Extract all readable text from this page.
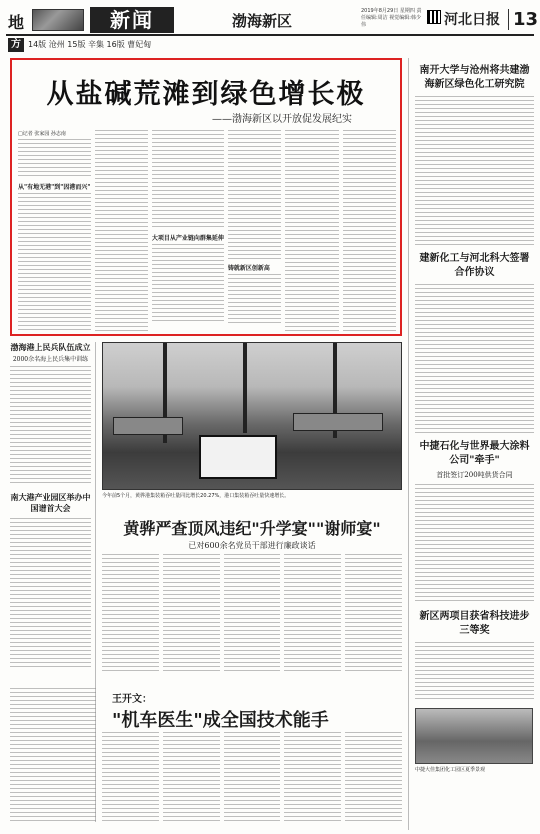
地	新闻	渤海新区
2019年8月29日 星期四 责任编辑:周洁 视觉编辑:韩少伟	河北日报 13
方 14版 沧州 15版 辛集 16版 曹妃甸
从盐碱荒滩到绿色增长极
——渤海新区以开放促发展纪实
□记者 张家园 孙志南
从"有地无港"到"因港而兴"
大项目从产业链向群集延伸
铸就新区创新高
南开大学与沧州将共建渤海新区绿色化工研究院
建新化工与河北科大签署合作协议
中捷石化与世界最大涂料公司"牵手"
首批签订200吨供货合同
新区两项目获省科技进步三等奖
中捷大佳集团化工园区夏季景观
渤海港上民兵队伍成立
2000余名海上民兵集中训练
南大港产业园区举办中国谱首大会
今年前5个月，黄骅港集装箱吞吐量同比增长20.27%，港口集装箱吞吐量快速增长。
黄骅严查顶风违纪"升学宴""谢师宴"
已对600余名党员干部进行廉政谈话
王开文：
"机车医生"成全国技术能手
